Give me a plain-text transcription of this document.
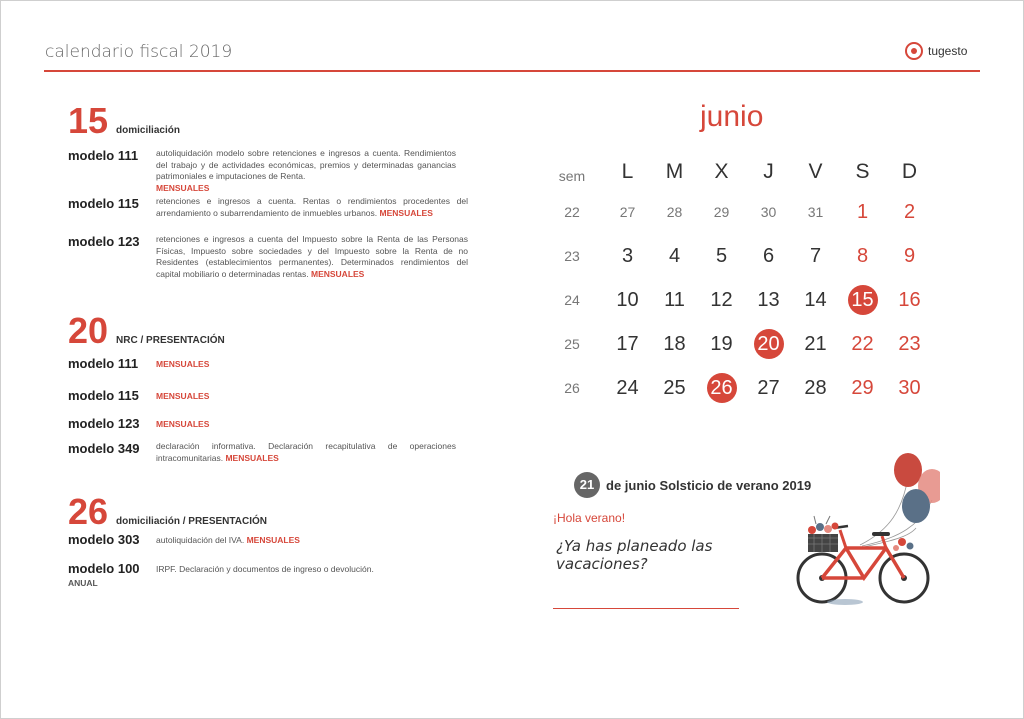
calendario fiscal 2019	tugesto
15 domiciliación
modelo 111	autoliquidación modelo sobre retenciones e ingresos a cuenta. Rendimientos del trabajo y de actividades económicas, premios y determinadas ganancias patrimoniales e imputaciones de Renta.
MENSUALES
modelo 115	retenciones e ingresos a cuenta. Rentas o rendimientos procedentes del arrendamiento o subarrendamiento de inmuebles urbanos. MENSUALES
modelo 123	retenciones e ingresos a cuenta del Impuesto sobre la Renta de las Personas Físicas, Impuesto sobre sociedades y del Impuesto sobre la Renta de no Residentes (establecimientos permanentes). Determinados rendimientos del capital mobiliario o determinadas rentas. MENSUALES
20 NRC / PRESENTACIÓN
modelo 111	MENSUALES
modelo 115	MENSUALES
modelo 123	MENSUALES
modelo 349	declaración informativa. Declaración recapitulativa de operaciones intracomunitarias. MENSUALES
26 domiciliación / PRESENTACIÓN
modelo 303	autoliquidación del IVA. MENSUALES
modelo 100	IRPF. Declaración y documentos de ingreso o devolución.
ANUAL
junio
sem	L	M	X	J	V	S	D
22	27	28	29	30	31	1	2
23	3	4	5	6	7	8	9
24	10	11	12	13	14	15	16
25	17	18	19	20	21	22	23
26	24	25	26	27	28	29	30
21 de junio Solsticio de verano 2019
¡Hola verano!
¿Ya has planeado las vacaciones?
